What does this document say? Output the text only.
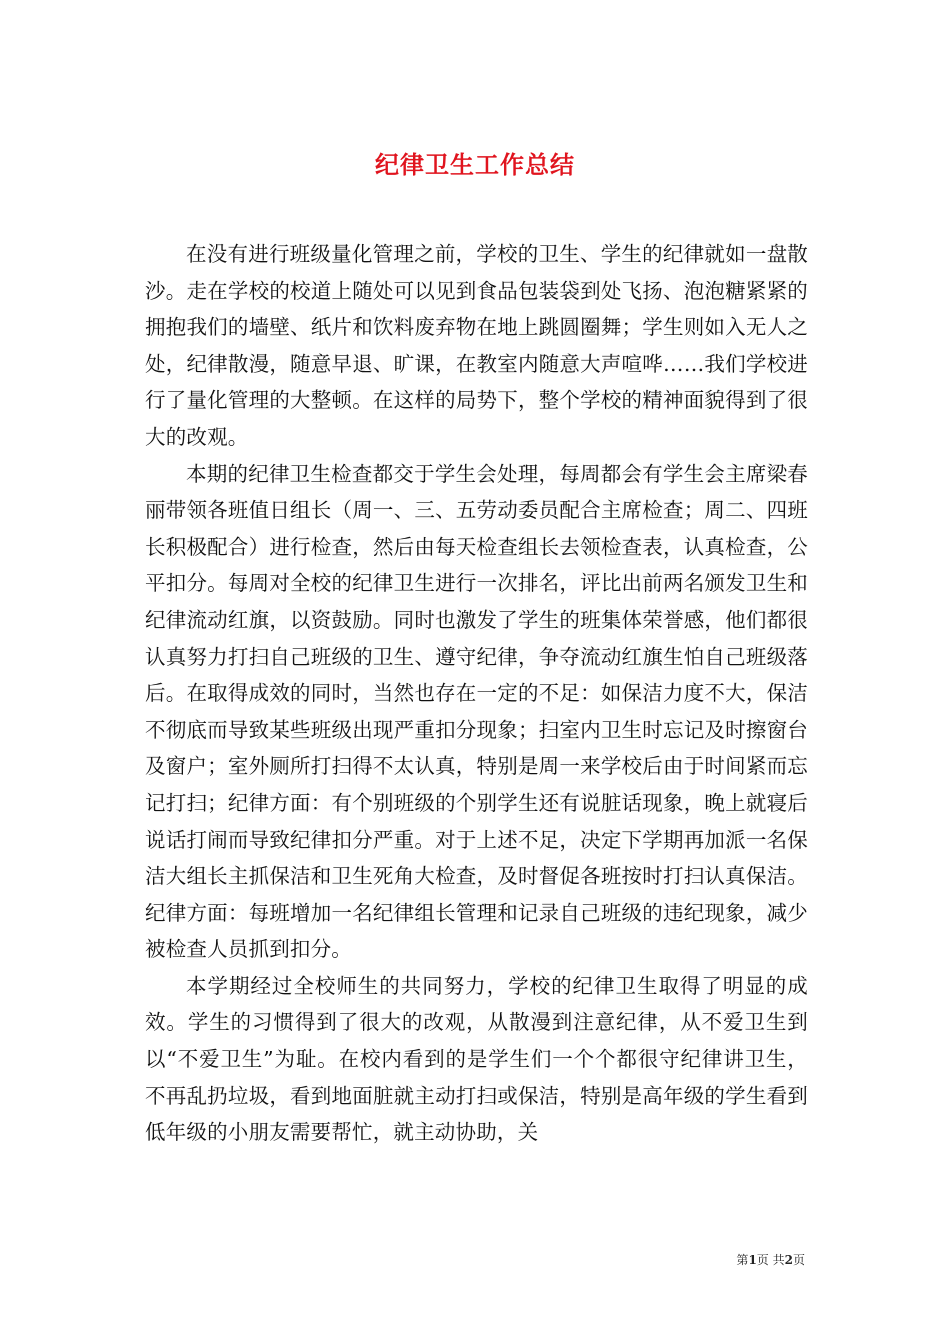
纪律卫生工作总结

在没有进行班级量化管理之前，学校的卫生、学生的纪律就如一盘散沙。走在学校的校道上随处可以见到食品包装袋到处飞扬、泡泡糖紧紧的拥抱我们的墙壁、纸片和饮料废弃物在地上跳圆圈舞；学生则如入无人之处，纪律散漫，随意早退、旷课，在教室内随意大声喧哗……我们学校进行了量化管理的大整顿。在这样的局势下，整个学校的精神面貌得到了很大的改观。

本期的纪律卫生检查都交于学生会处理，每周都会有学生会主席梁春丽带领各班值日组长（周一、三、五劳动委员配合主席检查；周二、四班长积极配合）进行检查，然后由每天检查组长去领检查表，认真检查，公平扣分。每周对全校的纪律卫生进行一次排名，评比出前两名颁发卫生和纪律流动红旗，以资鼓励。同时也激发了学生的班集体荣誉感，他们都很认真努力打扫自己班级的卫生、遵守纪律，争夺流动红旗生怕自己班级落后。在取得成效的同时，当然也存在一定的不足：如保洁力度不大，保洁不彻底而导致某些班级出现严重扣分现象；扫室内卫生时忘记及时擦窗台及窗户；室外厕所打扫得不太认真，特别是周一来学校后由于时间紧而忘记打扫；纪律方面：有个别班级的个别学生还有说脏话现象，晚上就寝后说话打闹而导致纪律扣分严重。对于上述不足，决定下学期再加派一名保洁大组长主抓保洁和卫生死角大检查，及时督促各班按时打扫认真保洁。纪律方面：每班增加一名纪律组长管理和记录自己班级的违纪现象，减少被检查人员抓到扣分。

本学期经过全校师生的共同努力，学校的纪律卫生取得了明显的成效。学生的习惯得到了很大的改观，从散漫到注意纪律，从不爱卫生到以“不爱卫生”为耻。在校内看到的是学生们一个个都很守纪律讲卫生，不再乱扔垃圾，看到地面脏就主动打扫或保洁，特别是高年级的学生看到低年级的小朋友需要帮忙，就主动协助，关

第1页 共2页
